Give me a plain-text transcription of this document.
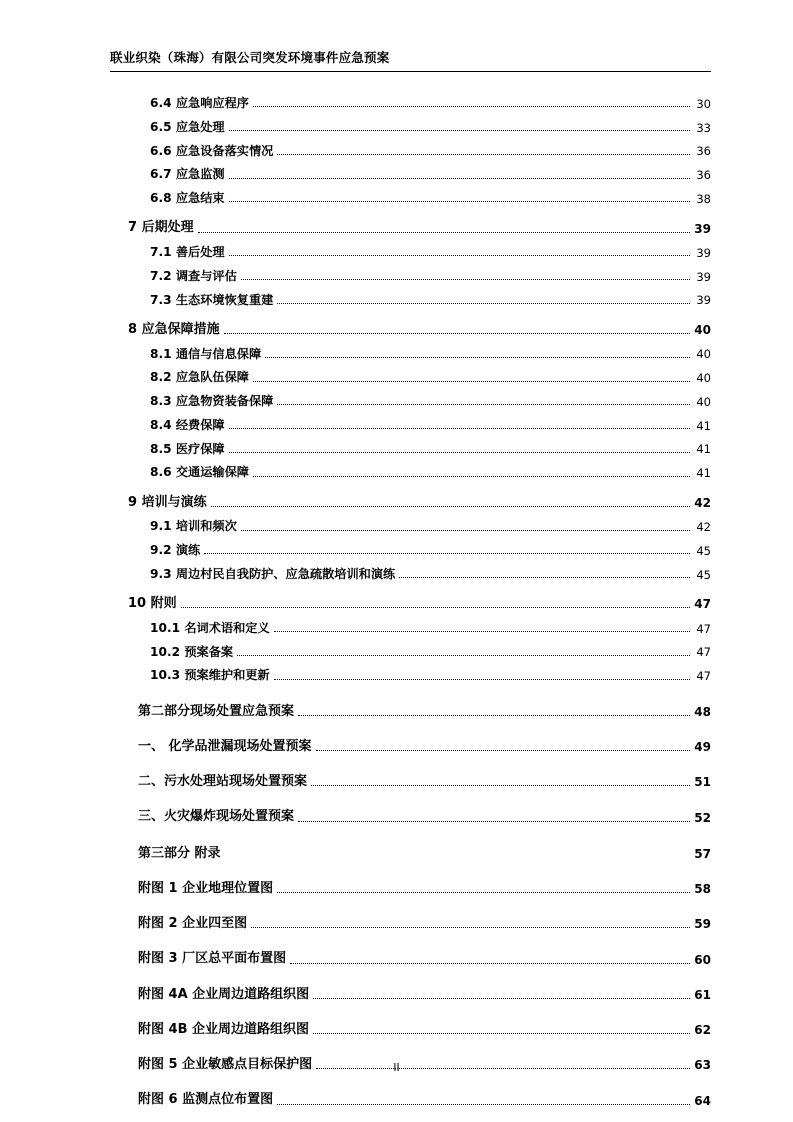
联业织染（珠海）有限公司突发环境事件应急预案
6.4 应急响应程序	30
6.5 应急处理	33
6.6 应急设备落实情况	36
6.7 应急监测	36
6.8 应急结束	38
7 后期处理	39
7.1 善后处理	39
7.2 调查与评估	39
7.3 生态环境恢复重建	39
8 应急保障措施	40
8.1 通信与信息保障	40
8.2 应急队伍保障	40
8.3 应急物资装备保障	40
8.4 经费保障	41
8.5 医疗保障	41
8.6 交通运输保障	41
9 培训与演练	42
9.1 培训和频次	42
9.2 演练	45
9.3 周边村民自我防护、应急疏散培训和演练	45
10 附则	47
10.1 名词术语和定义	47
10.2 预案备案	47
10.3 预案维护和更新	47
第二部分现场处置应急预案	48
一、 化学品泄漏现场处置预案	49
二、污水处理站现场处置预案	51
三、火灾爆炸现场处置预案	52
第三部分 附录	57
附图 1 企业地理位置图	58
附图 2 企业四至图	59
附图 3 厂区总平面布置图	60
附图 4A 企业周边道路组织图	61
附图 4B 企业周边道路组织图	62
附图 5 企业敏感点目标保护图	63
附图 6 监测点位布置图	64
II
